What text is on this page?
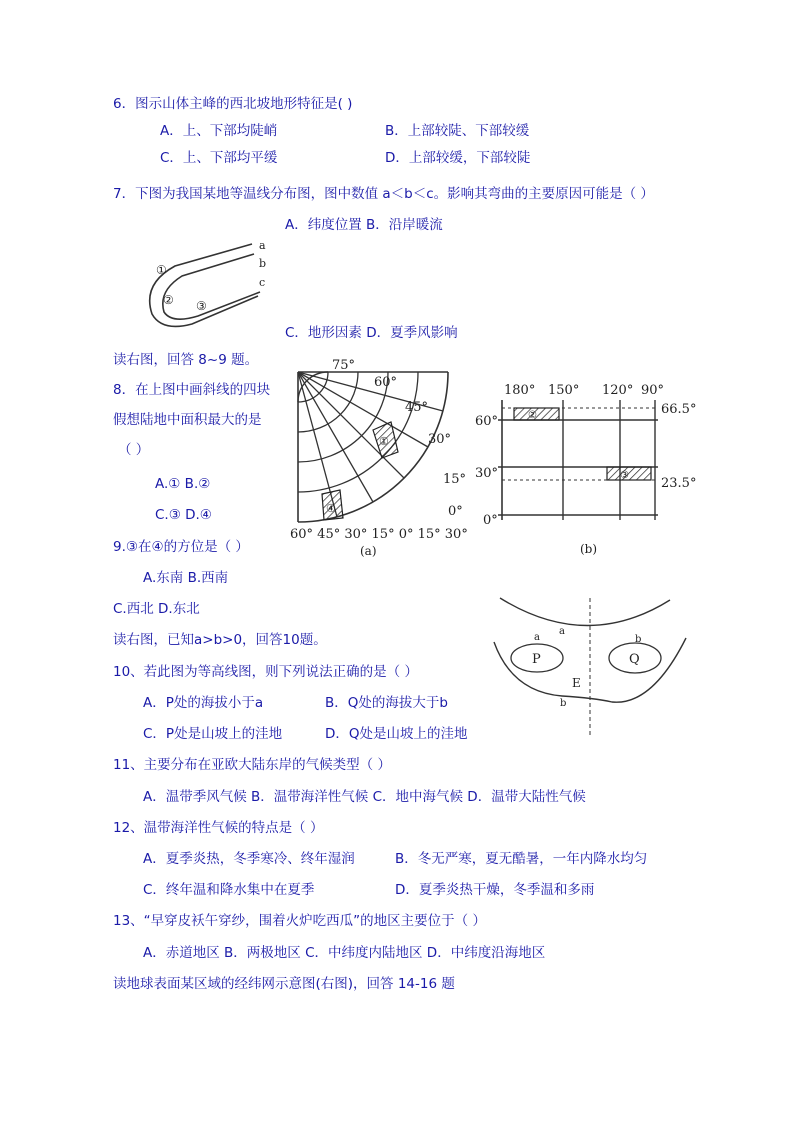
6．图示山体主峰的西北坡地形特征是( )
A．上、下部均陡峭	B．上部较陡、下部较缓
C．上、下部均平缓	D．上部较缓，下部较陡
7．下图为我国某地等温线分布图，图中数值 a＜b＜c。影响其弯曲的主要原因可能是（ ）
A．纬度位置 B．沿岸暖流
a
b
c
①
② ③
C．地形因素 D．夏季风影响
读右图，回答 8~9 题。
8．在上图中画斜线的四块
假想陆地中面积最大的是
（ ）
A.① B.②
C.③ D.④
①
④
75°
60°
45°
30°
15°
0°
60° 45° 30° 15° 0° 15° 30°
(a)
②
③
180° 150° 120° 90°
60°
30°
0°
66.5°
23.5°
(b)
9.③在④的方位是（ ）
A.东南 B.西南
C.西北 D.东北
a
a
b
b
P	Q
E
读右图，已知a>b>0，回答10题。
10、若此图为等高线图，则下列说法正确的是（ ）
A．P处的海拔小于a	B．Q处的海拔大于b
C．P处是山坡上的洼地	D．Q处是山坡上的洼地
11、主要分布在亚欧大陆东岸的气候类型（ ）
A．温带季风气候 B．温带海洋性气候 C．地中海气候 D．温带大陆性气候
12、温带海洋性气候的特点是（ ）
A．夏季炎热，冬季寒冷、终年湿润	B．冬无严寒，夏无酷暑，一年内降水均匀
C．终年温和降水集中在夏季	D．夏季炎热干燥，冬季温和多雨
13、“早穿皮袄午穿纱，围着火炉吃西瓜”的地区主要位于（ ）
A．赤道地区 B．两极地区 C．中纬度内陆地区 D．中纬度沿海地区
读地球表面某区域的经纬网示意图(右图)，回答 14-16 题
